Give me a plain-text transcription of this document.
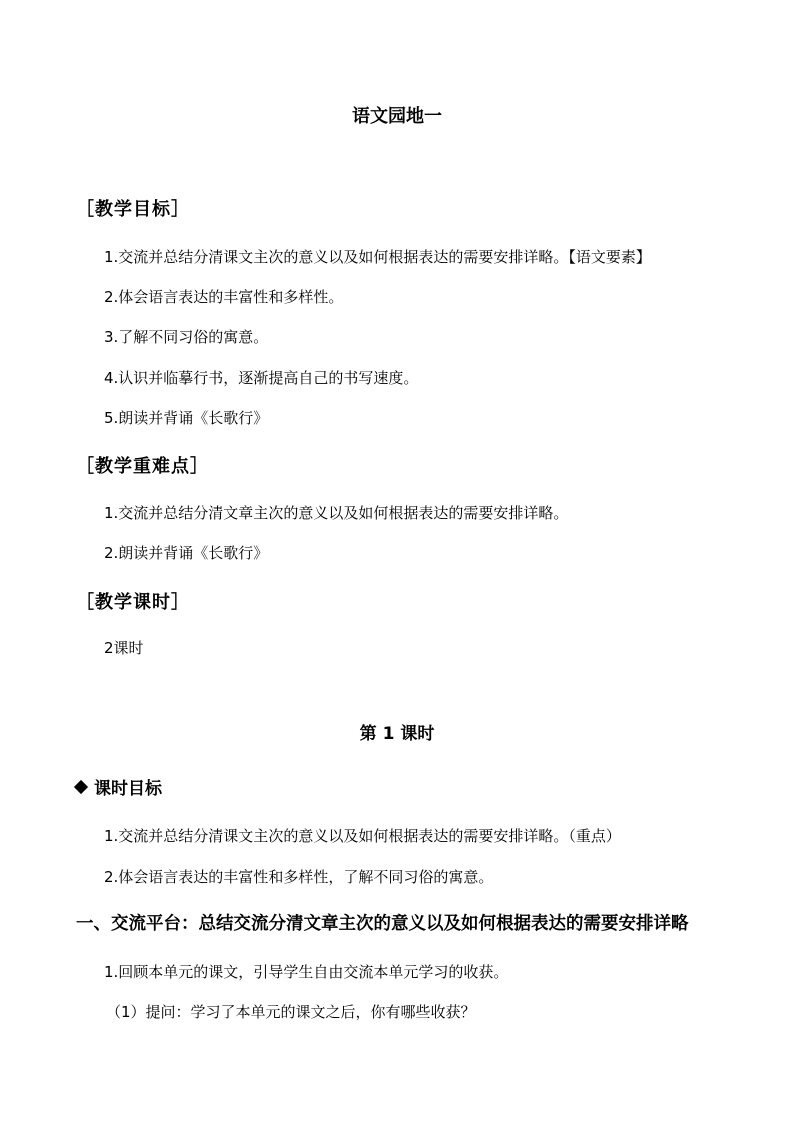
语文园地一
［教学目标］
1.交流并总结分清课文主次的意义以及如何根据表达的需要安排详略。【语文要素】
2.体会语言表达的丰富性和多样性。
3.了解不同习俗的寓意。
4.认识并临摹行书，逐渐提高自己的书写速度。
5.朗读并背诵《长歌行》
［教学重难点］
1.交流并总结分清文章主次的意义以及如何根据表达的需要安排详略。
2.朗读并背诵《长歌行》
［教学课时］
2课时
第 1 课时
课时目标
1.交流并总结分清课文主次的意义以及如何根据表达的需要安排详略。（重点）
2.体会语言表达的丰富性和多样性，了解不同习俗的寓意。
一、交流平台：总结交流分清文章主次的意义以及如何根据表达的需要安排详略
1.回顾本单元的课文，引导学生自由交流本单元学习的收获。
（1）提问：学习了本单元的课文之后，你有哪些收获？
